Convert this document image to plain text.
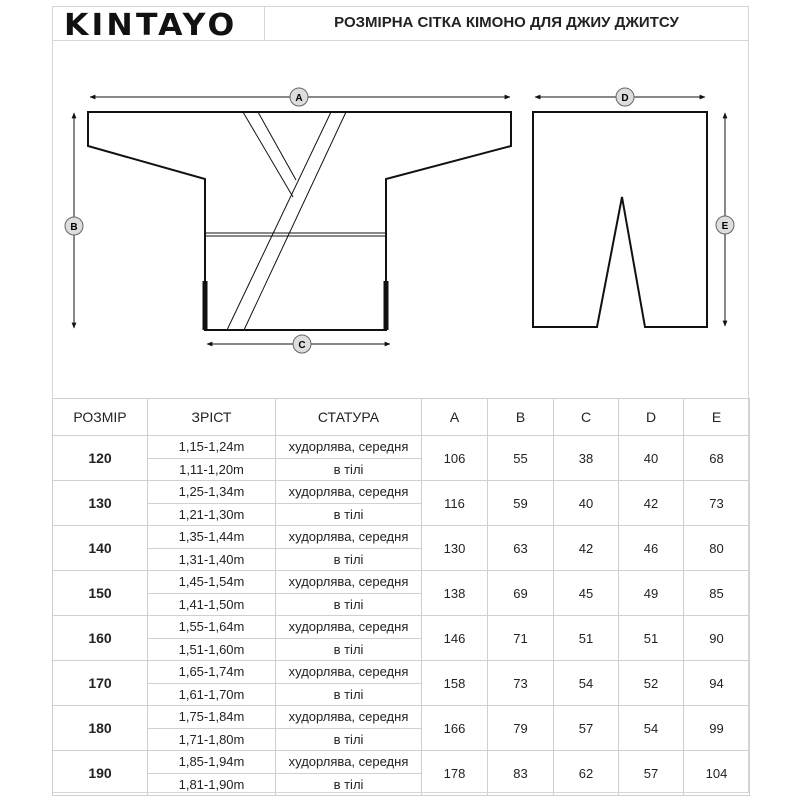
KINTAYO	РОЗМІРНА СІТКА КІМОНО ДЛЯ ДЖИУ ДЖИТСУ
A
B
C
D
E
РОЗМІР	ЗРІСТ	СТАТУРА	A	B	C	D	E
120	1,15-1,24m	худорлява, середня	106	55	38	40	68
	1,11-1,20m	в тілі					
130	1,25-1,34m	худорлява, середня	116	59	40	42	73
	1,21-1,30m	в тілі					
140	1,35-1,44m	худорлява, середня	130	63	42	46	80
	1,31-1,40m	в тілі					
150	1,45-1,54m	худорлява, середня	138	69	45	49	85
	1,41-1,50m	в тілі					
160	1,55-1,64m	худорлява, середня	146	71	51	51	90
	1,51-1,60m	в тілі					
170	1,65-1,74m	худорлява, середня	158	73	54	52	94
	1,61-1,70m	в тілі					
180	1,75-1,84m	худорлява, середня	166	79	57	54	99
	1,71-1,80m	в тілі					
190	1,85-1,94m	худорлява, середня	178	83	62	57	104
	1,81-1,90m	в тілі					
